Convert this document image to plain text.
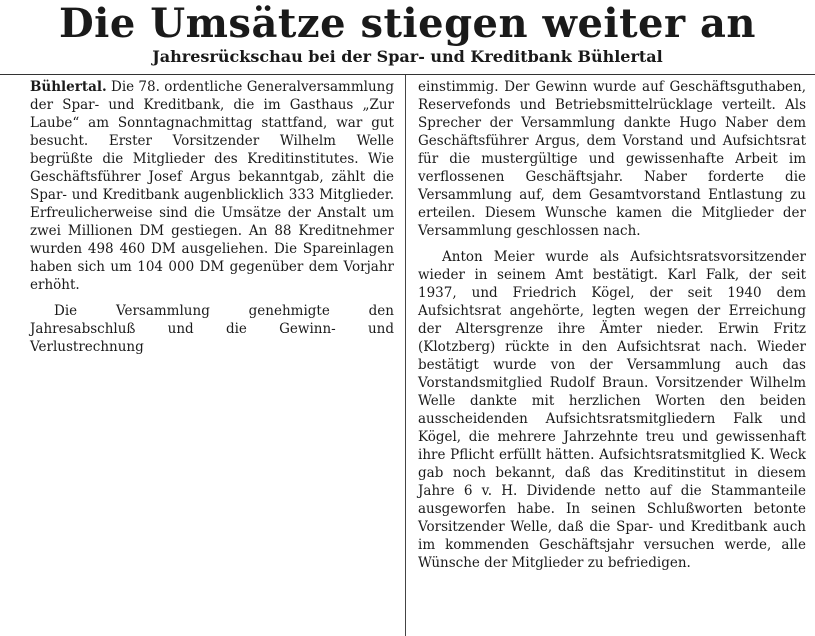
Die Umsätze stiegen weiter an
Jahresrückschau bei der Spar- und Kreditbank Bühlertal

Bühlertal. Die 78. ordentliche Generalversammlung der Spar- und Kreditbank, die im Gasthaus „Zur Laube“ am Sonntagnachmittag stattfand, war gut besucht. Erster Vorsitzender Wilhelm Welle begrüßte die Mitglieder des Kreditinstitutes. Wie Geschäftsführer Josef Argus bekanntgab, zählt die Spar- und Kreditbank augenblicklich 333 Mitglieder. Erfreulicherweise sind die Umsätze der Anstalt um zwei Millionen DM gestiegen. An 88 Kreditnehmer wurden 498 460 DM ausgeliehen. Die Spareinlagen haben sich um 104 000 DM gegenüber dem Vorjahr erhöht.

Die Versammlung genehmigte den Jahresabschluß und die Gewinn- und Verlustrechnung

einstimmig. Der Gewinn wurde auf Geschäftsguthaben, Reservefonds und Betriebsmittelrücklage verteilt. Als Sprecher der Versammlung dankte Hugo Naber dem Geschäftsführer Argus, dem Vorstand und Aufsichtsrat für die mustergültige und gewissenhafte Arbeit im verflossenen Geschäftsjahr. Naber forderte die Versammlung auf, dem Gesamtvorstand Entlastung zu erteilen. Diesem Wunsche kamen die Mitglieder der Versammlung geschlossen nach.

Anton Meier wurde als Aufsichtsratsvorsitzender wieder in seinem Amt bestätigt. Karl Falk, der seit 1937, und Friedrich Kögel, der seit 1940 dem Aufsichtsrat angehörte, legten wegen der Erreichung der Altersgrenze ihre Ämter nieder. Erwin Fritz (Klotzberg) rückte in den Aufsichtsrat nach. Wieder bestätigt wurde von der Versammlung auch das Vorstandsmitglied Rudolf Braun. Vorsitzender Wilhelm Welle dankte mit herzlichen Worten den beiden ausscheidenden Aufsichtsratsmitgliedern Falk und Kögel, die mehrere Jahrzehnte treu und gewissenhaft ihre Pflicht erfüllt hätten. Aufsichtsratsmitglied K. Weck gab noch bekannt, daß das Kreditinstitut in diesem Jahre 6 v. H. Dividende netto auf die Stammanteile ausgeworfen habe. In seinen Schlußworten betonte Vorsitzender Welle, daß die Spar- und Kreditbank auch im kommenden Geschäftsjahr versuchen werde, alle Wünsche der Mitglieder zu befriedigen.
